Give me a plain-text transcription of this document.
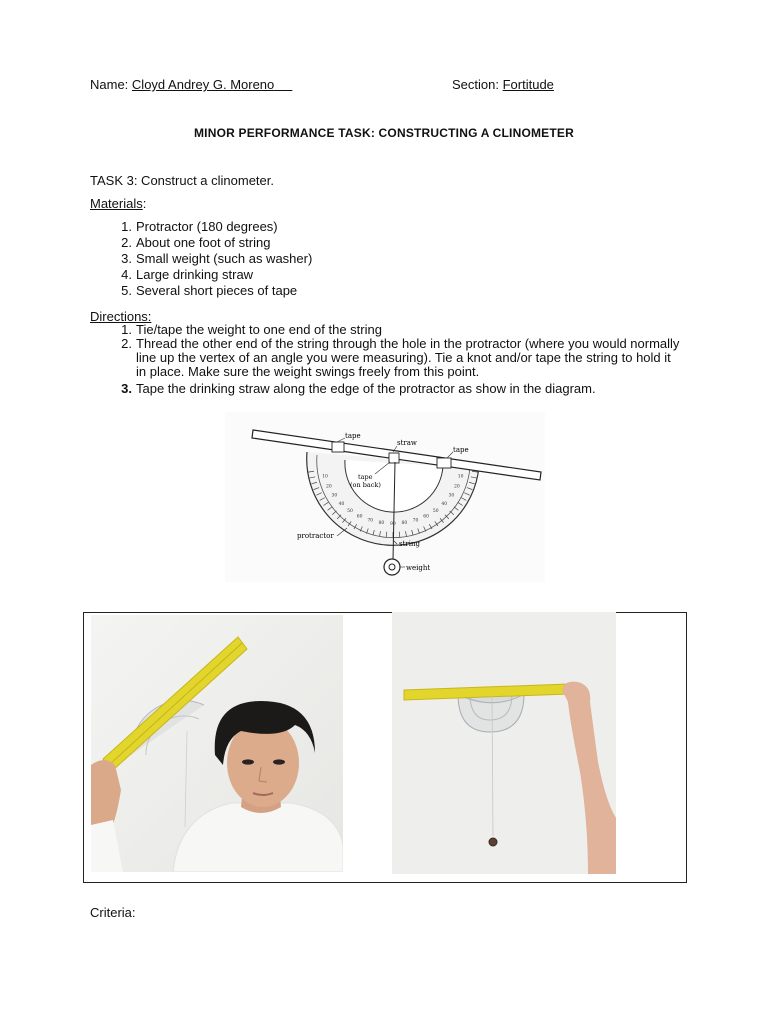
Name: Cloyd Andrey G. Moreno	Section: Fortitude
MINOR PERFORMANCE TASK: CONSTRUCTING A CLINOMETER
TASK 3: Construct a clinometer.
Materials:
1. Protractor (180 degrees)
2. About one foot of string
3. Small weight (such as washer)
4. Large drinking straw
5. Several short pieces of tape
Directions:
1. Tie/tape the weight to one end of the string
2. Thread the other end of the string through the hole in the protractor (where you would normally line up the vertex of an angle you were measuring). Tie a knot and/or tape the string to hold it in place. Make sure the weight swings freely from this point.
3. Tape the drinking straw along the edge of the protractor as show in the diagram.
tape
straw
tape
tape
(on back)
protractor
string
weight
10
20
30
40
50
60
70
80
90
80
70
60
50
40
30
20
10
Criteria:
